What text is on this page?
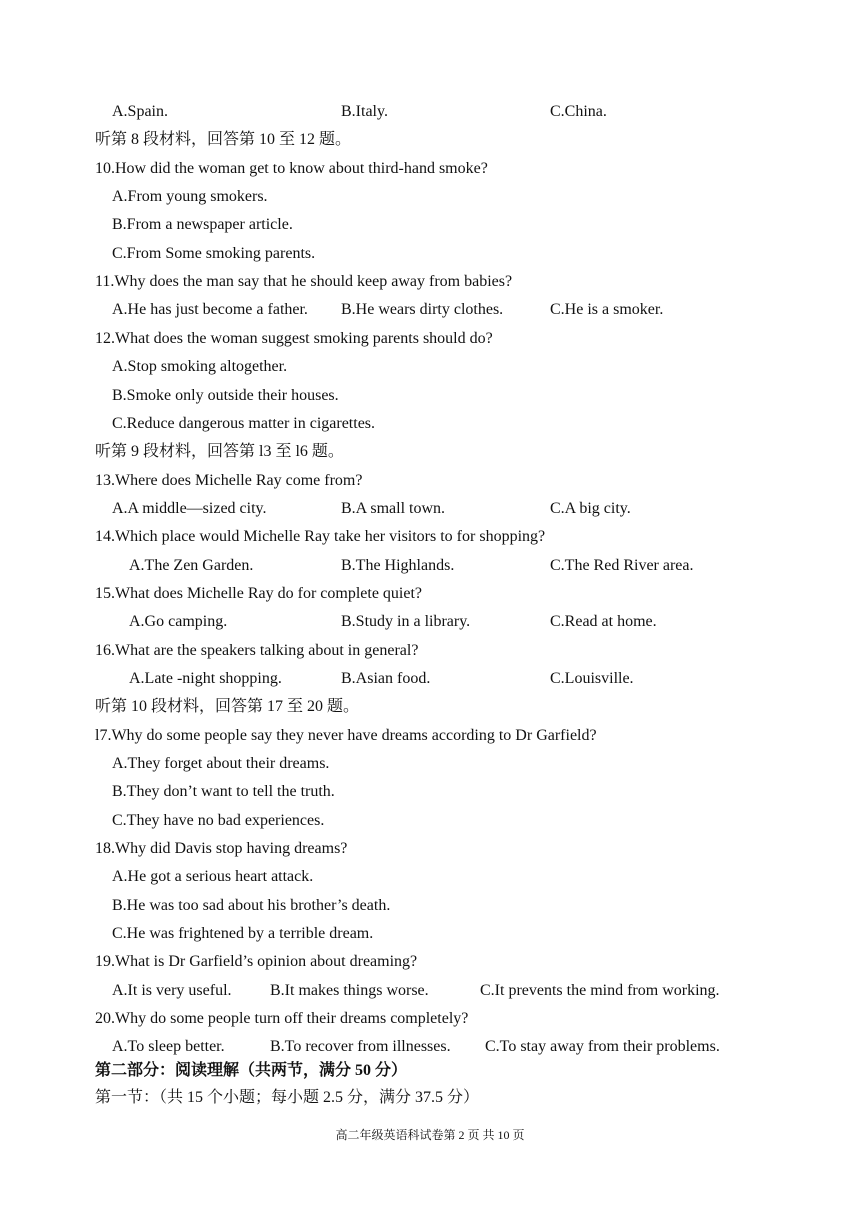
A.Spain.	B.Italy.	C.China.
听第 8 段材料，回答第 10 至 12 题。
10.How did the woman get to know about third-hand smoke?
A.From young smokers.
B.From a newspaper article.
C.From Some smoking parents.
11.Why does the man say that he should keep away from babies?
A.He has just become a father. B.He wears dirty clothes.	C.He is a smoker.
12.What does the woman suggest smoking parents should do?
A.Stop smoking altogether.
B.Smoke only outside their houses.
C.Reduce dangerous matter in cigarettes.
听第 9 段材料，回答第 l3 至 l6 题。
13.Where does Michelle Ray come from?
A.A middle—sized city.	B.A small town.	C.A big city.
14.Which place would Michelle Ray take her visitors to for shopping?
A.The Zen Garden.	B.The Highlands.	C.The Red River area.
15.What does Michelle Ray do for complete quiet?
A.Go camping.	B.Study in a library.	C.Read at home.
16.What are the speakers talking about in general?
A.Late -night shopping.	B.Asian food.	C.Louisville.
听第 10 段材料，回答第 17 至 20 题。
l7.Why do some people say they never have dreams according to Dr Garfield?
A.They forget about their dreams.
B.They don’t want to tell the truth.
C.They have no bad experiences.
18.Why did Davis stop having dreams?
A.He got a serious heart attack.
B.He was too sad about his brother’s death.
C.He was frightened by a terrible dream.
19.What is Dr Garfield’s opinion about dreaming?
A.It is very useful. B.It makes things worse.	C.It prevents the mind from working.
20.Why do some people turn off their dreams completely?
A.To sleep better.	B.To recover from illnesses. C.To stay away from their problems.
第二部分：阅读理解（共两节，满分 50 分）
第一节：（共 15 个小题；每小题 2.5 分，满分 37.5 分）
高二年级英语科试卷第 2 页 共 10 页
